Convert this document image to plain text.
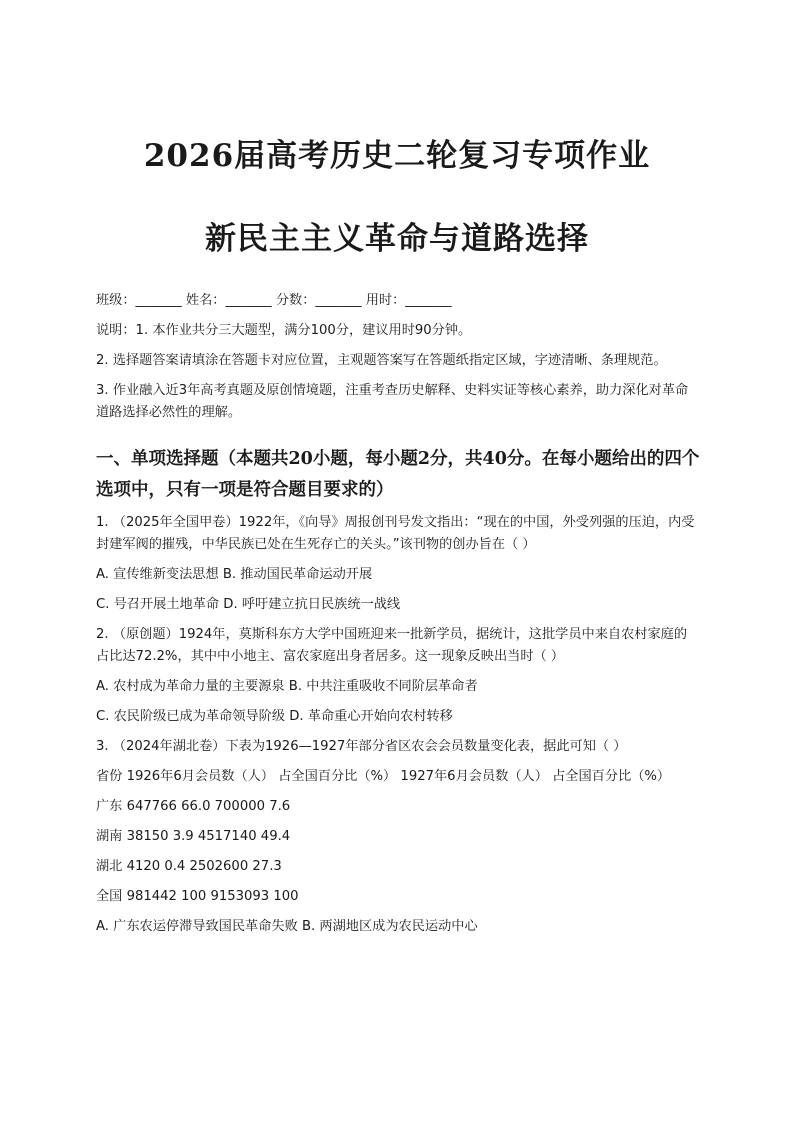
2026届高考历史二轮复习专项作业
新民主主义革命与道路选择

班级：_______ 姓名：_______ 分数：_______ 用时：_______

说明：1. 本作业共分三大题型，满分100分，建议用时90分钟。

2. 选择题答案请填涂在答题卡对应位置，主观题答案写在答题纸指定区域，字迹清晰、条理规范。

3. 作业融入近3年高考真题及原创情境题，注重考查历史解释、史料实证等核心素养，助力深化对革命道路选择必然性的理解。

一、单项选择题（本题共20小题，每小题2分，共40分。在每小题给出的四个选项中，只有一项是符合题目要求的）

1. （2025年全国甲卷）1922年，《向导》周报创刊号发文指出：“现在的中国，外受列强的压迫，内受封建军阀的摧残，中华民族已处在生死存亡的关头。”该刊物的创办旨在（ ）

A. 宣传维新变法思想 B. 推动国民革命运动开展

C. 号召开展土地革命 D. 呼吁建立抗日民族统一战线

2. （原创题）1924年，莫斯科东方大学中国班迎来一批新学员，据统计，这批学员中来自农村家庭的占比达72.2%，其中中小地主、富农家庭出身者居多。这一现象反映出当时（ ）

A. 农村成为革命力量的主要源泉 B. 中共注重吸收不同阶层革命者

C. 农民阶级已成为革命领导阶级 D. 革命重心开始向农村转移

3. （2024年湖北卷）下表为1926—1927年部分省区农会会员数量变化表，据此可知（ ）

省份 1926年6月会员数（人） 占全国百分比（%） 1927年6月会员数（人） 占全国百分比（%）

广东 647766 66.0 700000 7.6

湖南 38150 3.9 4517140 49.4

湖北 4120 0.4 2502600 27.3

全国 981442 100 9153093 100

A. 广东农运停滞导致国民革命失败 B. 两湖地区成为农民运动中心
